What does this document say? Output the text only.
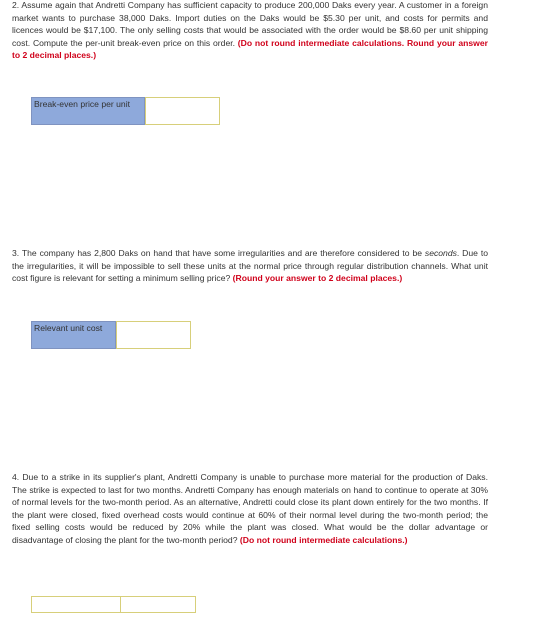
2. Assume again that Andretti Company has sufficient capacity to produce 200,000 Daks every year. A customer in a foreign market wants to purchase 38,000 Daks. Import duties on the Daks would be $5.30 per unit, and costs for permits and licences would be $17,100. The only selling costs that would be associated with the order would be $8.60 per unit shipping cost. Compute the per-unit break-even price on this order. (Do not round intermediate calculations. Round your answer to 2 decimal places.)
Break-even price per unit
3. The company has 2,800 Daks on hand that have some irregularities and are therefore considered to be seconds. Due to the irregularities, it will be impossible to sell these units at the normal price through regular distribution channels. What unit cost figure is relevant for setting a minimum selling price? (Round your answer to 2 decimal places.)
Relevant unit cost
4. Due to a strike in its supplier's plant, Andretti Company is unable to purchase more material for the production of Daks. The strike is expected to last for two months. Andretti Company has enough materials on hand to continue to operate at 30% of normal levels for the two-month period. As an alternative, Andretti could close its plant down entirely for the two months. If the plant were closed, fixed overhead costs would continue at 60% of their normal level during the two-month period; the fixed selling costs would be reduced by 20% while the plant was closed. What would be the dollar advantage or disadvantage of closing the plant for the two-month period? (Do not round intermediate calculations.)
